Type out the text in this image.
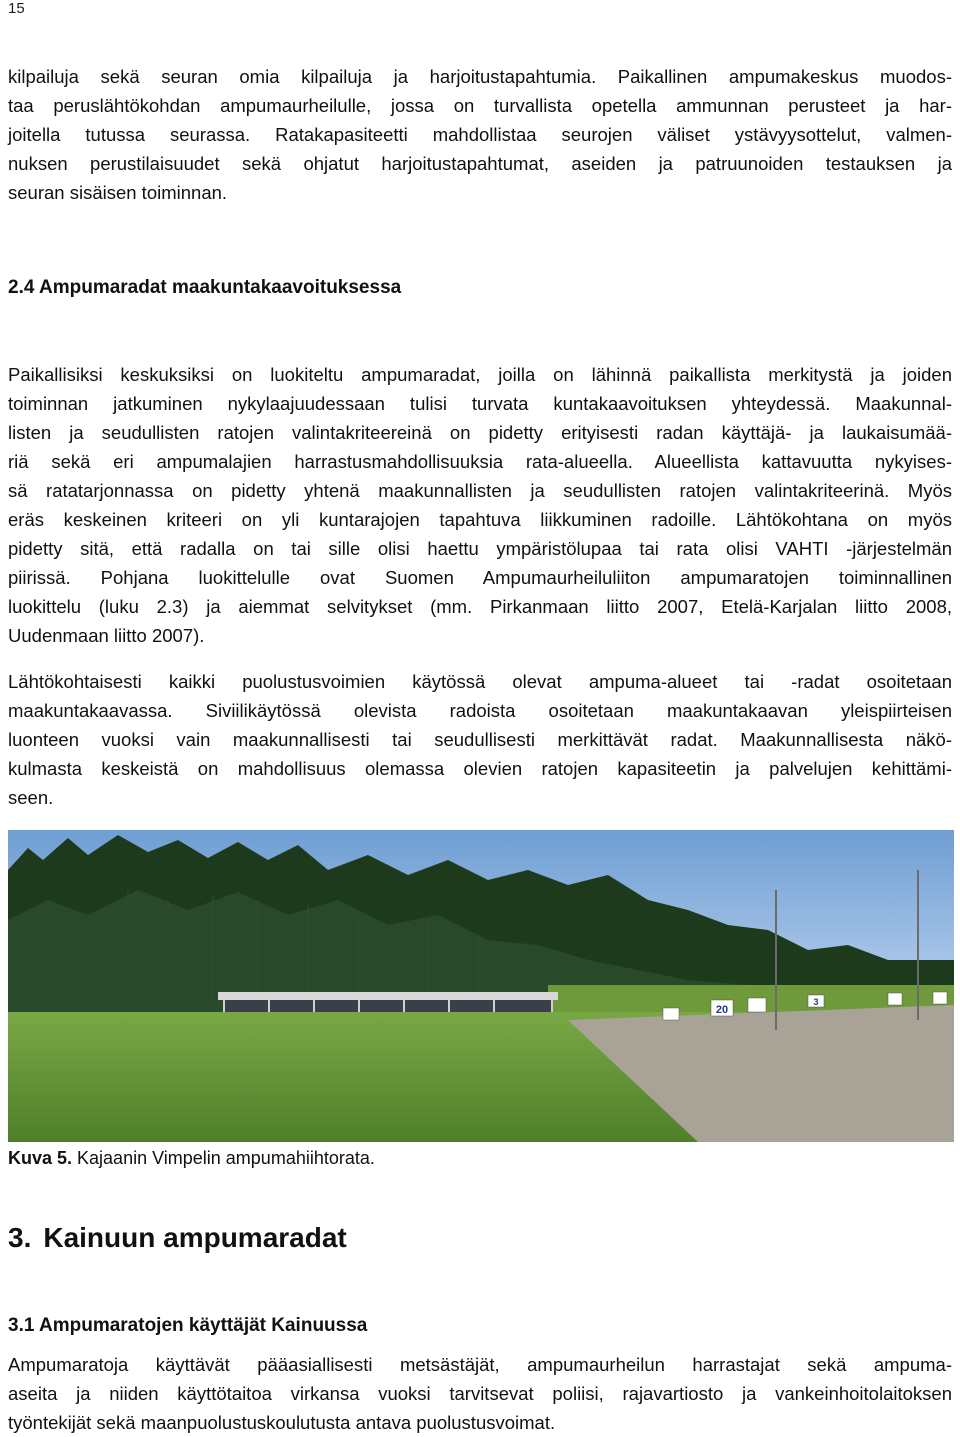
15
kilpailuja sekä seuran omia kilpailuja ja harjoitustapahtumia. Paikallinen ampumakeskus muodos-
taa peruslähtökohdan ampumaurheilulle, jossa on turvallista opetella ammunnan perusteet ja har-
joitella tutussa seurassa. Ratakapasiteetti mahdollistaa seurojen väliset ystävyysottelut, valmen-
nuksen perustilaisuudet sekä ohjatut harjoitustapahtumat, aseiden ja patruunoiden testauksen ja
seuran sisäisen toiminnan.
2.4 Ampumaradat maakuntakaavoituksessa
Paikallisiksi keskuksiksi on luokiteltu ampumaradat, joilla on lähinnä paikallista merkitystä ja joiden
toiminnan jatkuminen nykylaajuudessaan tulisi turvata kuntakaavoituksen yhteydessä. Maakunnal-
listen ja seudullisten ratojen valintakriteereinä on pidetty erityisesti radan käyttäjä- ja laukaisumää-
riä sekä eri ampumalajien harrastusmahdollisuuksia rata-alueella. Alueellista kattavuutta nykyises-
sä ratatarjonnassa on pidetty yhtenä maakunnallisten ja seudullisten ratojen valintakriteerinä. Myös
eräs keskeinen kriteeri on yli kuntarajojen tapahtuva liikkuminen radoille. Lähtökohtana on myös
pidetty sitä, että radalla on tai sille olisi haettu ympäristölupaa tai rata olisi VAHTI -järjestelmän
piirissä. Pohjana luokittelulle ovat Suomen Ampumaurheiluliiton ampumaratojen toiminnallinen
luokittelu (luku 2.3) ja aiemmat selvitykset (mm. Pirkanmaan liitto 2007, Etelä-Karjalan liitto 2008,
Uudenmaan liitto 2007).
Lähtökohtaisesti kaikki puolustusvoimien käytössä olevat ampuma-alueet tai -radat osoitetaan
maakuntakaavassa. Siviilikäytössä olevista radoista osoitetaan maakuntakaavan yleispiirteisen
luonteen vuoksi vain maakunnallisesti tai seudullisesti merkittävät radat. Maakunnallisesta näkö-
kulmasta keskeistä on mahdollisuus olemassa olevien ratojen kapasiteetin ja palvelujen kehittämi-
seen.
20
3

Kuva 5. Kajaanin Vimpelin ampumahiihtorata.

3. Kainuun ampumaradat
3.1 Ampumaratojen käyttäjät Kainuussa
Ampumaratoja käyttävät pääasiallisesti metsästäjät, ampumaurheilun harrastajat sekä ampuma-
aseita ja niiden käyttötaitoa virkansa vuoksi tarvitsevat poliisi, rajavartiosto ja vankeinhoitolaitoksen
työntekijät sekä maanpuolustuskoulutusta antava puolustusvoimat.
